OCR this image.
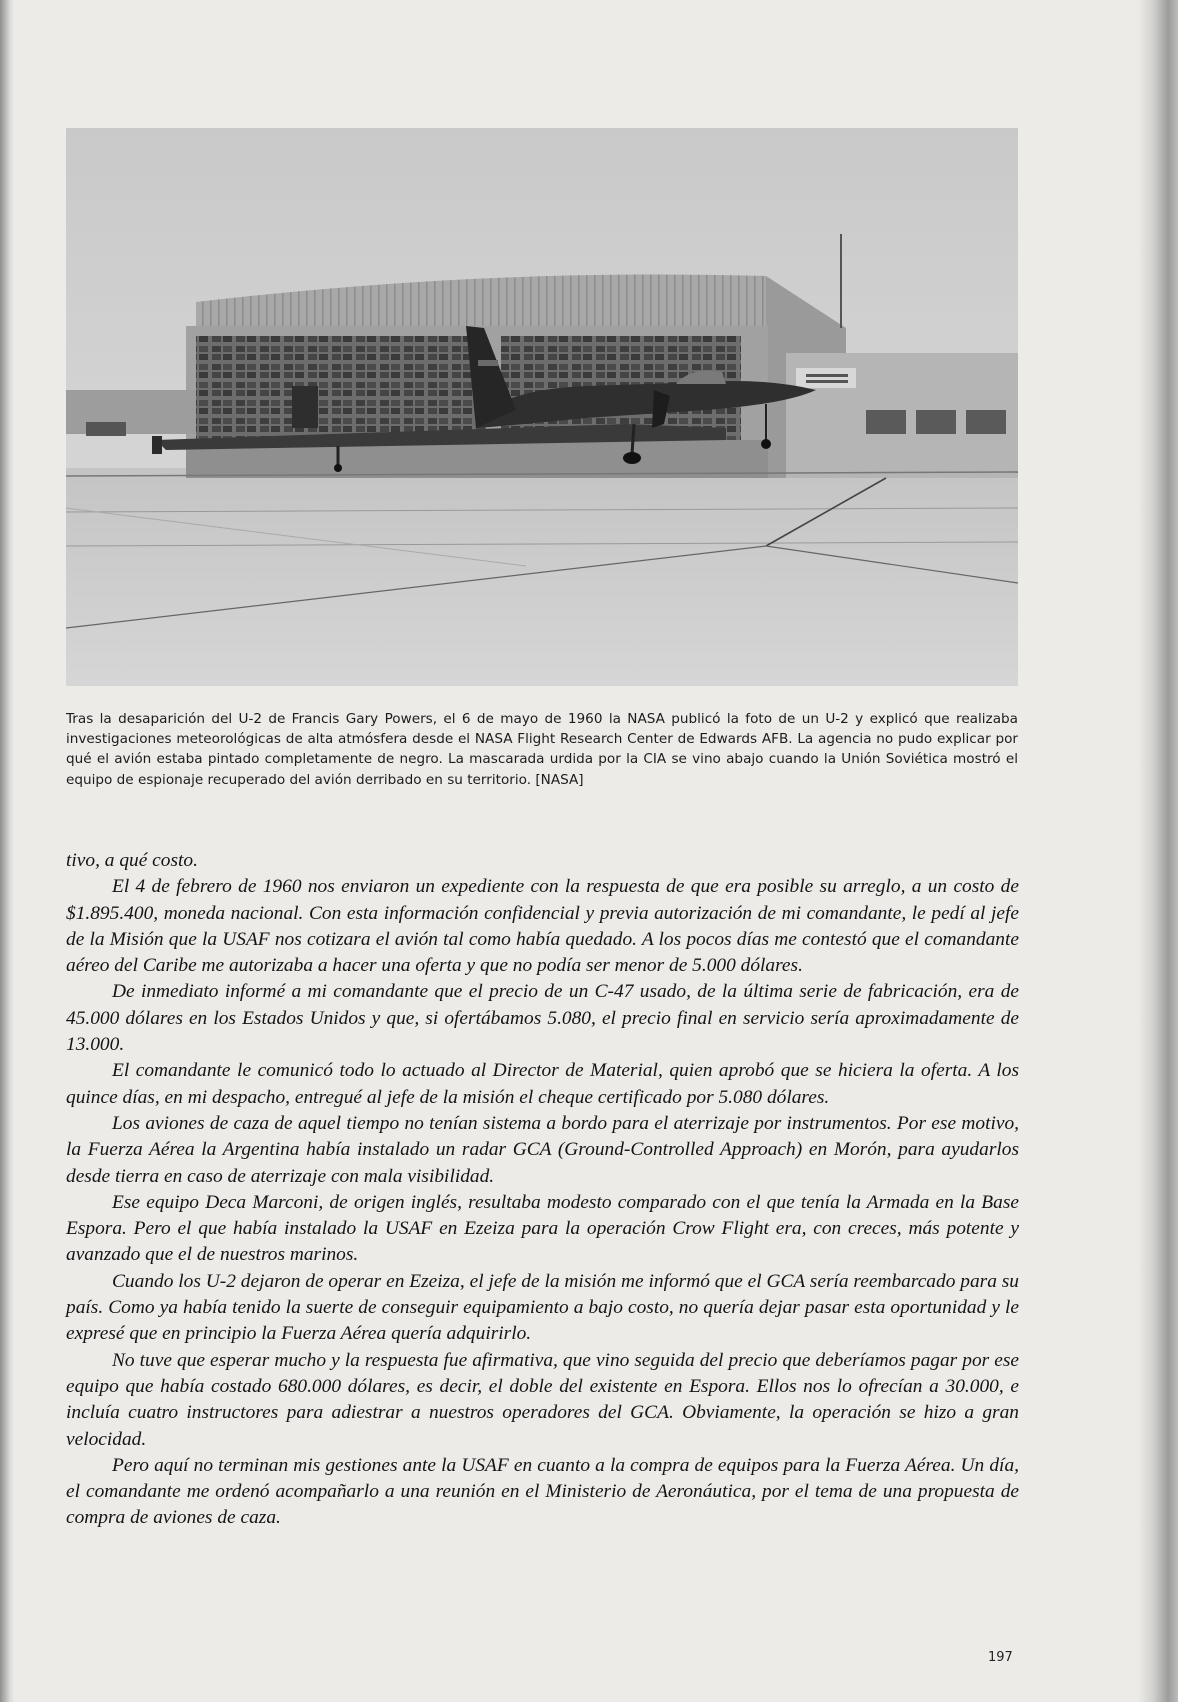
Tras la desaparición del U-2 de Francis Gary Powers, el 6 de mayo de 1960 la NASA publicó la foto de un U-2 y explicó que realizaba investigaciones meteorológicas de alta atmósfera desde el NASA Flight Research Center de Edwards AFB. La agencia no pudo explicar por qué el avión estaba pintado completamente de negro. La mascarada urdida por la CIA se vino abajo cuando la Unión Soviética mostró el equipo de espionaje recuperado del avión derribado en su territorio. [NASA]

tivo, a qué costo.

El 4 de febrero de 1960 nos enviaron un expediente con la respuesta de que era posible su arreglo, a un costo de $1.895.400, moneda nacional. Con esta información confidencial y previa autorización de mi comandante, le pedí al jefe de la Misión que la USAF nos cotizara el avión tal como había quedado. A los pocos días me contestó que el comandante aéreo del Caribe me autorizaba a hacer una oferta y que no podía ser menor de 5.000 dólares.

De inmediato informé a mi comandante que el precio de un C-47 usado, de la última serie de fabricación, era de 45.000 dólares en los Estados Unidos y que, si ofertábamos 5.080, el precio final en servicio sería aproximadamente de 13.000.

El comandante le comunicó todo lo actuado al Director de Material, quien aprobó que se hiciera la oferta. A los quince días, en mi despacho, entregué al jefe de la misión el cheque certificado por 5.080 dólares.

Los aviones de caza de aquel tiempo no tenían sistema a bordo para el aterrizaje por instrumentos. Por ese motivo, la Fuerza Aérea la Argentina había instalado un radar GCA (Ground-Controlled Approach) en Morón, para ayudarlos desde tierra en caso de aterrizaje con mala visibilidad.

Ese equipo Deca Marconi, de origen inglés, resultaba modesto comparado con el que tenía la Armada en la Base Espora. Pero el que había instalado la USAF en Ezeiza para la operación Crow Flight era, con creces, más potente y avanzado que el de nuestros marinos.

Cuando los U-2 dejaron de operar en Ezeiza, el jefe de la misión me informó que el GCA sería reembarcado para su país. Como ya había tenido la suerte de conseguir equipamiento a bajo costo, no quería dejar pasar esta oportunidad y le expresé que en principio la Fuerza Aérea quería adquirirlo.

No tuve que esperar mucho y la respuesta fue afirmativa, que vino seguida del precio que deberíamos pagar por ese equipo que había costado 680.000 dólares, es decir, el doble del existente en Espora. Ellos nos lo ofrecían a 30.000, e incluía cuatro instructores para adiestrar a nuestros operadores del GCA. Obviamente, la operación se hizo a gran velocidad.

Pero aquí no terminan mis gestiones ante la USAF en cuanto a la compra de equipos para la Fuerza Aérea. Un día, el comandante me ordenó acompañarlo a una reunión en el Ministerio de Aeronáutica, por el tema de una propuesta de compra de aviones de caza.

197
